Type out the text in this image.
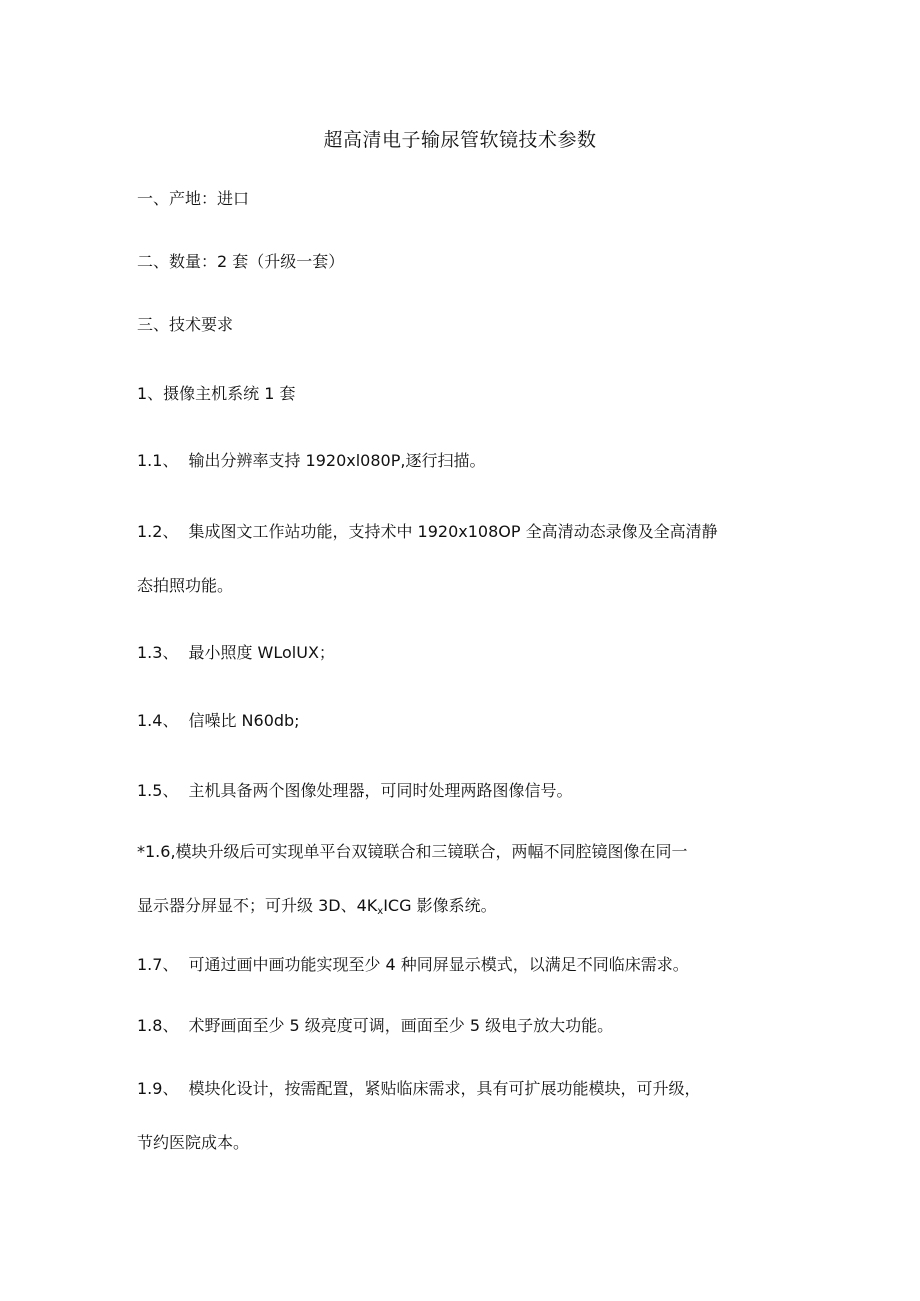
超高清电子输尿管软镜技术参数
一、产地：进口
二、数量：2 套（升级一套）
三、技术要求
1、摄像主机系统 1 套
1.1、 输出分辨率支持 1920xl080P,逐行扫描。
1.2、 集成图文工作站功能，支持术中 1920x108OP 全高清动态录像及全高清静
态拍照功能。
1.3、 最小照度 WLolUX；
1.4、 信噪比 N60db;
1.5、 主机具备两个图像处理器，可同时处理两路图像信号。
*1.6,模块升级后可实现单平台双镜联合和三镜联合，两幅不同腔镜图像在同一
显示器分屏显不；可升级 3D、$4K_xICG$ 影像系统。
1.7、 可通过画中画功能实现至少 4 种同屏显示模式，以满足不同临床需求。
1.8、 术野画面至少 5 级亮度可调，画面至少 5 级电子放大功能。
1.9、 模块化设计，按需配置，紧贴临床需求，具有可扩展功能模块，可升级，
节约医院成本。
